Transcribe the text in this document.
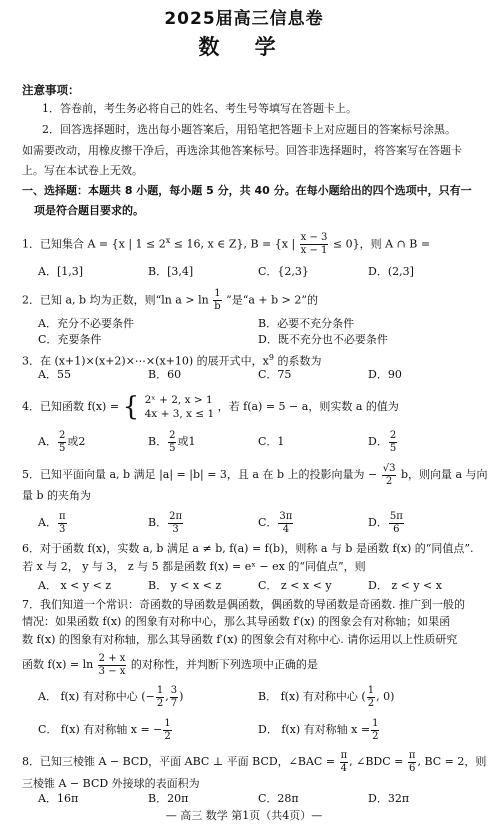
2025届高三信息卷
数 学
注意事项：
1．答卷前，考生务必将自己的姓名、考生号等填写在答题卡上。
2．回答选择题时，选出每小题答案后，用铅笔把答题卡上对应题目的答案标号涂黑。
如需要改动，用橡皮擦干净后，再选涂其他答案标号。回答非选择题时，将答案写在答题卡
上。写在本试卷上无效。
一、选择题：本题共 8 小题，每小题 5 分，共 40 分。在每小题给出的四个选项中，只有一
项是符合题目要求的。
1．已知集合 A = {x | $1 \le 2^x \le 16$, x ∈ Z}, B = {x | $\frac{x - 3}{x - 1} \le 0$}，则 A ∩ B =
A．[1,3]	B．[3,4]	C．{2,3}	D．(2,3]
2．已知 a, b 均为正数，则“ln $a > \ln \frac{1}{b}$ ”是“a + b > 2”的
A．充分不必要条件	B．必要不充分条件
C．充要条件	D．既不充分也不必要条件
3．在 (x+1)×(x+2)×⋯×(x+10) 的展开式中，$x^9$ 的系数为
A．55	B．60	C．75	D．90
4．已知函数 f(x) = { 2ˣ + 2, x > 1
4x + 3, x ≤ 1
，若 f(a) = 5 − a，则实数 a 的值为
A． $\frac{2}{5}$ 或2	B． $\frac{2}{5}$ 或1	C．1	D． $\frac{2}{5}$
5．已知平面向量 a, b 满足 |a| = |b| = 3，且 a 在 b 上的投影向量为 − $\frac{√3}{2}$ b，则向量 a 与向
量 b 的夹角为
A． $\frac{\pi}{3}$	B． $\frac{2\pi}{3}$	C． $\frac{3\pi}{4}$	D． $\frac{5\pi}{6}$
6．对于函数 f(x)，实数 a, b 满足 a ≠ b, f(a) = f(b)，则称 a 与 b 是函数 f(x) 的“同值点”.
若 x 与 2， y 与 3， z 与 5 都是函数 f(x) = eˣ − ex 的“同值点”，则
A． x < y < z	B． y < x < z	C． z < x < y	D． z < y < x
7．我们知道一个常识：奇函数的导函数是偶函数，偶函数的导函数是奇函数. 推广到一般的
情况：如果函数 f(x) 的图象有对称中心，那么其导函数 f′(x) 的图象会有对称轴；如果函
数 f(x) 的图象有对称轴，那么其导函数 f′(x) 的图象会有对称中心. 请你运用以上性质研究
函数 $f(x) = \ln \frac{2 + x}{3 - x}$ 的对称性，并判断下列选项中正确的是
A． f(x) 有对称中心 (− $\frac{1}{2}$ , $\frac{3}{7}$ )	B． f(x) 有对称中心 ( $\frac{1}{2}$ , 0)
C． f(x) 有对称轴 x = − $\frac{1}{2}$	D． f(x) 有对称轴 $x = \frac{1}{2}$
8．已知三棱锥 A − BCD，平面 ABC ⊥ 平面 BCD，∠BAC = $\frac{\pi}{4}$ , ∠BDC = $\frac{\pi}{6}$ , BC = 2，则
三棱锥 A − BCD 外接球的表面积为
A．16π	B．20π	C．28π	D．32π
— 高三 数学 第1页（共4页）—
